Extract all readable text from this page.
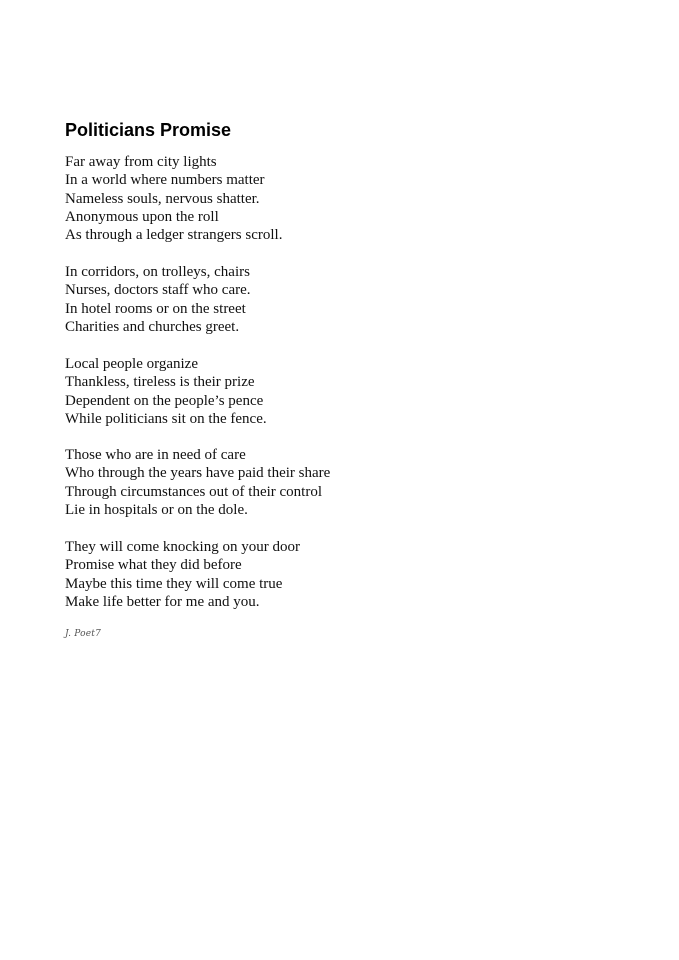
Politicians Promise
Far away from city lights
In a world where numbers matter
Nameless souls, nervous shatter.
Anonymous upon the roll
As through a ledger strangers scroll.
In corridors, on trolleys, chairs
Nurses, doctors staff who care.
In hotel rooms or on the street
Charities and churches greet.
Local people organize
Thankless, tireless is their prize
Dependent on the people’s pence
While politicians sit on the fence.
Those who are in need of care
Who through the years have paid their share
Through circumstances out of their control
Lie in hospitals or on the dole.
They will come knocking on your door
Promise what they did before
Maybe this time they will come true
Make life better for me and you.
J. Poet7
